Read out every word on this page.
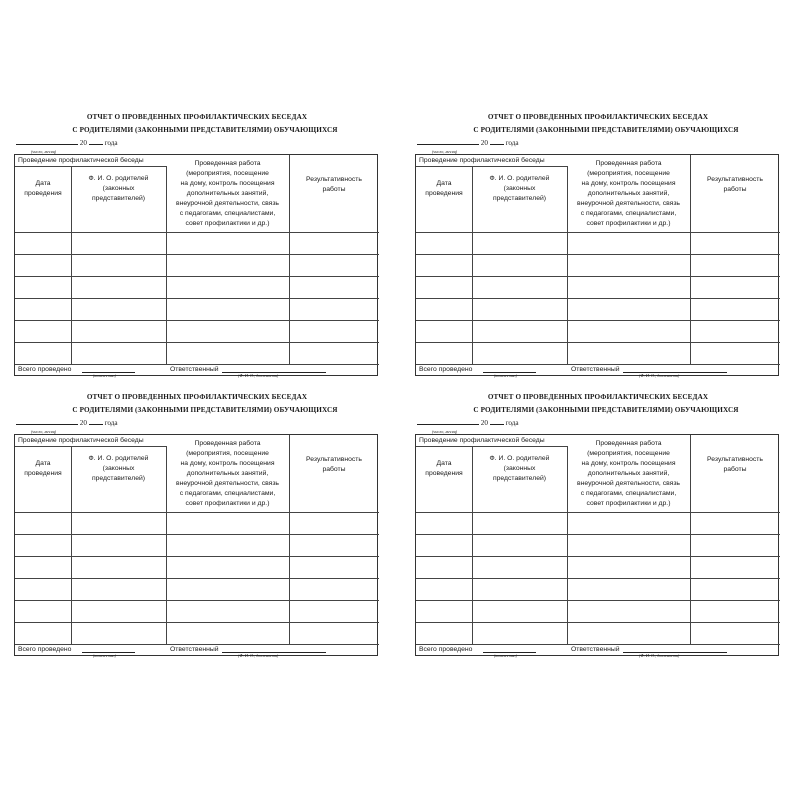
ОТЧЕТ О ПРОВЕДЕННЫХ ПРОФИЛАКТИЧЕСКИХ БЕСЕДАХ
С РОДИТЕЛЯМИ (ЗАКОННЫМИ ПРЕДСТАВИТЕЛЯМИ) ОБУЧАЮЩИХСЯ
20 года
(число, месяц)
Проведение профилактической беседы
Дата
проведения
Ф. И. О. родителей
(законных
представителей)
Проведенная работа
(мероприятия, посещение
на дому, контроль посещения
дополнительных занятий,
внеурочной деятельности, связь
с педагогами, специалистами,
совет профилактики и др.)
Результативность
работы
Всего проведено
(количество)
Ответственный
(Ф. И. О., должность)
ОТЧЕТ О ПРОВЕДЕННЫХ ПРОФИЛАКТИЧЕСКИХ БЕСЕДАХ
С РОДИТЕЛЯМИ (ЗАКОННЫМИ ПРЕДСТАВИТЕЛЯМИ) ОБУЧАЮЩИХСЯ
20 года
(число, месяц)
Проведение профилактической беседы
Дата
проведения
Ф. И. О. родителей
(законных
представителей)
Проведенная работа
(мероприятия, посещение
на дому, контроль посещения
дополнительных занятий,
внеурочной деятельности, связь
с педагогами, специалистами,
совет профилактики и др.)
Результативность
работы
Всего проведено
(количество)
Ответственный
(Ф. И. О., должность)
ОТЧЕТ О ПРОВЕДЕННЫХ ПРОФИЛАКТИЧЕСКИХ БЕСЕДАХ
С РОДИТЕЛЯМИ (ЗАКОННЫМИ ПРЕДСТАВИТЕЛЯМИ) ОБУЧАЮЩИХСЯ
20 года
(число, месяц)
Проведение профилактической беседы
Дата
проведения
Ф. И. О. родителей
(законных
представителей)
Проведенная работа
(мероприятия, посещение
на дому, контроль посещения
дополнительных занятий,
внеурочной деятельности, связь
с педагогами, специалистами,
совет профилактики и др.)
Результативность
работы
Всего проведено
(количество)
Ответственный
(Ф. И. О., должность)
ОТЧЕТ О ПРОВЕДЕННЫХ ПРОФИЛАКТИЧЕСКИХ БЕСЕДАХ
С РОДИТЕЛЯМИ (ЗАКОННЫМИ ПРЕДСТАВИТЕЛЯМИ) ОБУЧАЮЩИХСЯ
20 года
(число, месяц)
Проведение профилактической беседы
Дата
проведения
Ф. И. О. родителей
(законных
представителей)
Проведенная работа
(мероприятия, посещение
на дому, контроль посещения
дополнительных занятий,
внеурочной деятельности, связь
с педагогами, специалистами,
совет профилактики и др.)
Результативность
работы
Всего проведено
(количество)
Ответственный
(Ф. И. О., должность)
